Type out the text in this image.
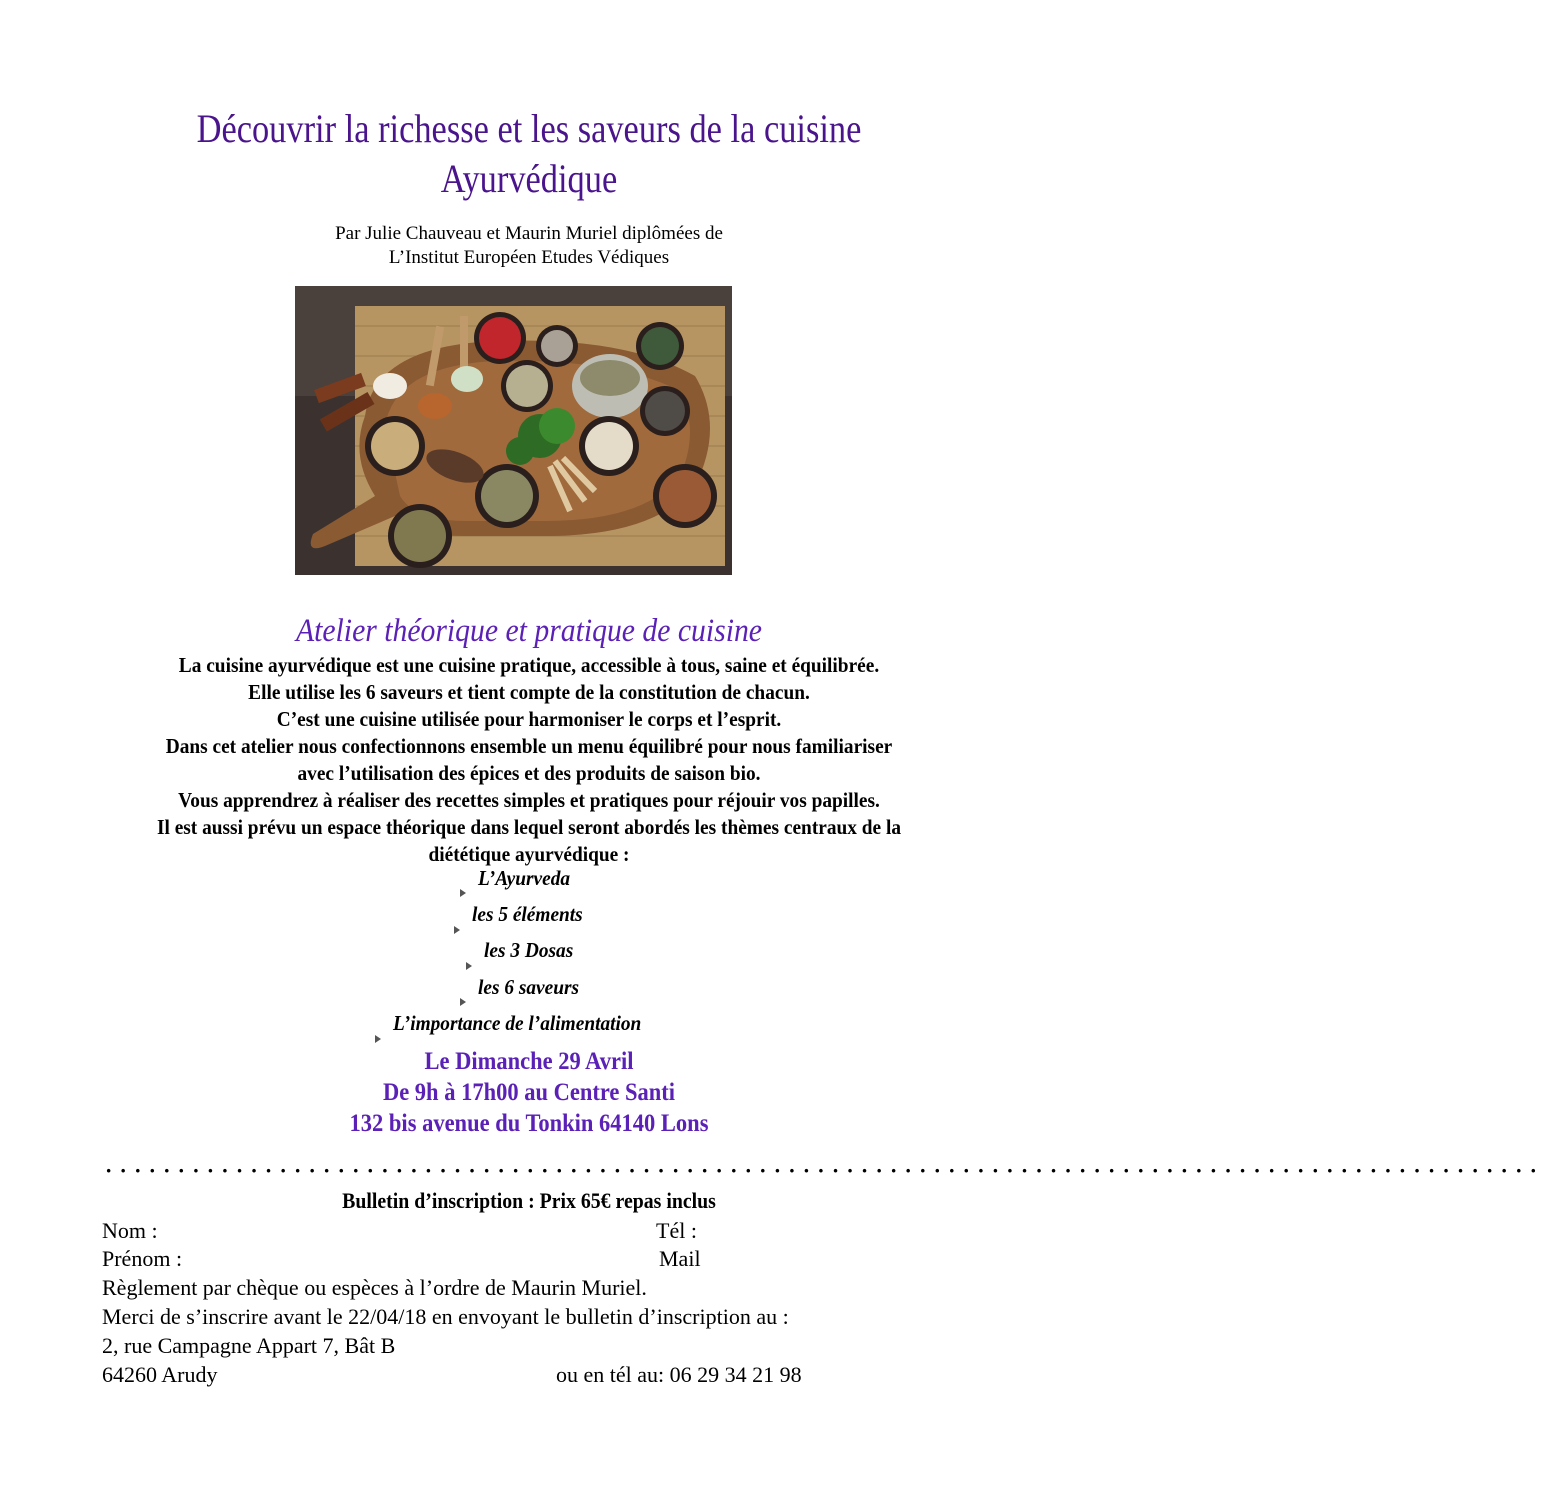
Découvrir la richesse et les saveurs de la cuisine
Ayurvédique
Par Julie Chauveau et Maurin Muriel diplômées de
L’Institut Européen Etudes Védiques
Atelier théorique et pratique de cuisine
La cuisine ayurvédique est une cuisine pratique, accessible à tous, saine et équilibrée.
Elle utilise les 6 saveurs et tient compte de la constitution de chacun.
C’est une cuisine utilisée pour harmoniser le corps et l’esprit.
Dans cet atelier nous confectionnons ensemble un menu équilibré pour nous familiariser
avec l’utilisation des épices et des produits de saison bio.
Vous apprendrez à réaliser des recettes simples et pratiques pour réjouir vos papilles.
Il est aussi prévu un espace théorique dans lequel seront abordés les thèmes centraux de la
diététique ayurvédique :
L’Ayurveda
les 5 éléments
les 3 Dosas
les 6 saveurs
L’importance de l’alimentation
Le Dimanche 29 Avril
De 9h à 17h00 au Centre Santi
132 bis avenue du Tonkin 64140 Lons
···································································································
Bulletin d’inscription : Prix 65€ repas inclus
Nom :	Tél :
Prénom :	Mail
Règlement par chèque ou espèces à l’ordre de Maurin Muriel.
Merci de s’inscrire avant le 22/04/18 en envoyant le bulletin d’inscription au :
2, rue Campagne Appart 7, Bât B
64260 Arudy	ou en tél au: 06 29 34 21 98
